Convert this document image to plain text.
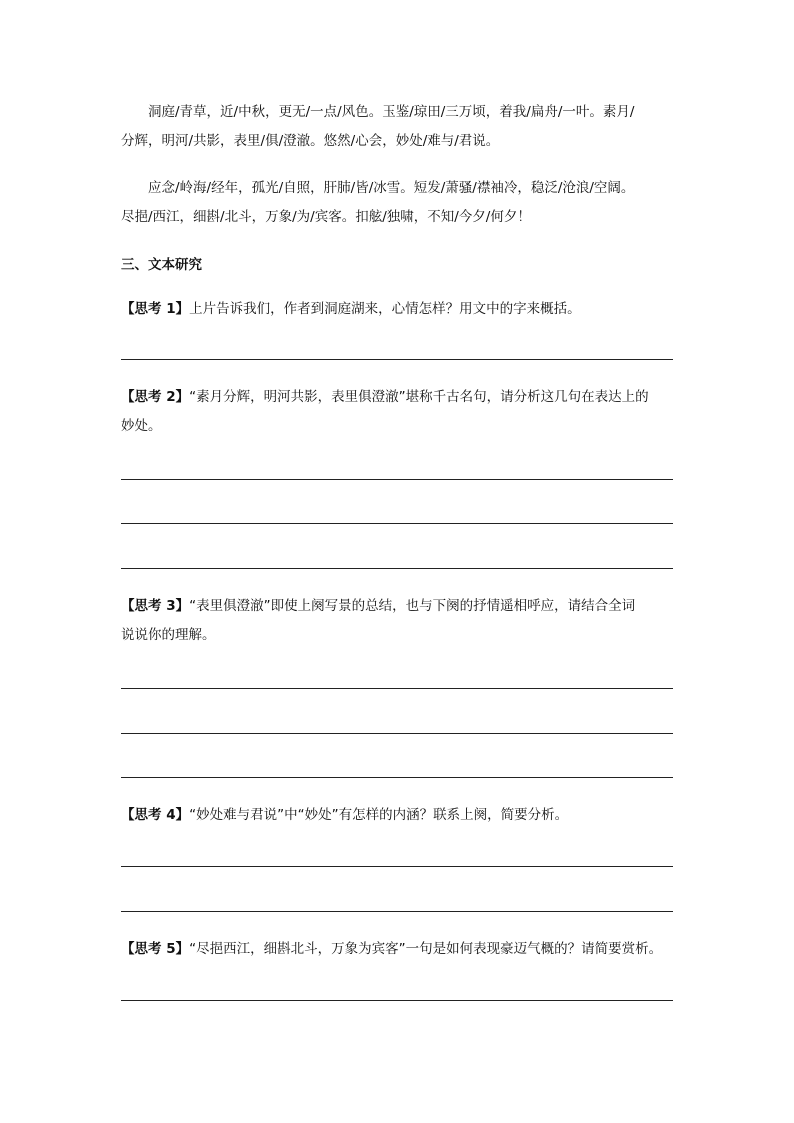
洞庭/青草，近/中秋，更无/一点/风色。玉鉴/琼田/三万顷，着我/扁舟/一叶。素月/
分辉，明河/共影，表里/俱/澄澈。悠然/心会，妙处/难与/君说。

应念/岭海/经年，孤光/自照，肝肺/皆/冰雪。短发/萧骚/襟袖冷，稳泛/沧浪/空阔。
尽挹/西江，细斟/北斗，万象/为/宾客。扣舷/独啸，不知/今夕/何夕！

三、文本研究
【思考 1】上片告诉我们，作者到洞庭湖来，心情怎样？用文中的字来概括。
【思考 2】“素月分辉，明河共影，表里俱澄澈”堪称千古名句，请分析这几句在表达上的
妙处。
【思考 3】“表里俱澄澈”即使上阕写景的总结，也与下阕的抒情遥相呼应，请结合全词
说说你的理解。
【思考 4】“妙处难与君说”中“妙处”有怎样的内涵？联系上阕，简要分析。
【思考 5】“尽挹西江，细斟北斗，万象为宾客”一句是如何表现豪迈气概的？请简要赏析。
